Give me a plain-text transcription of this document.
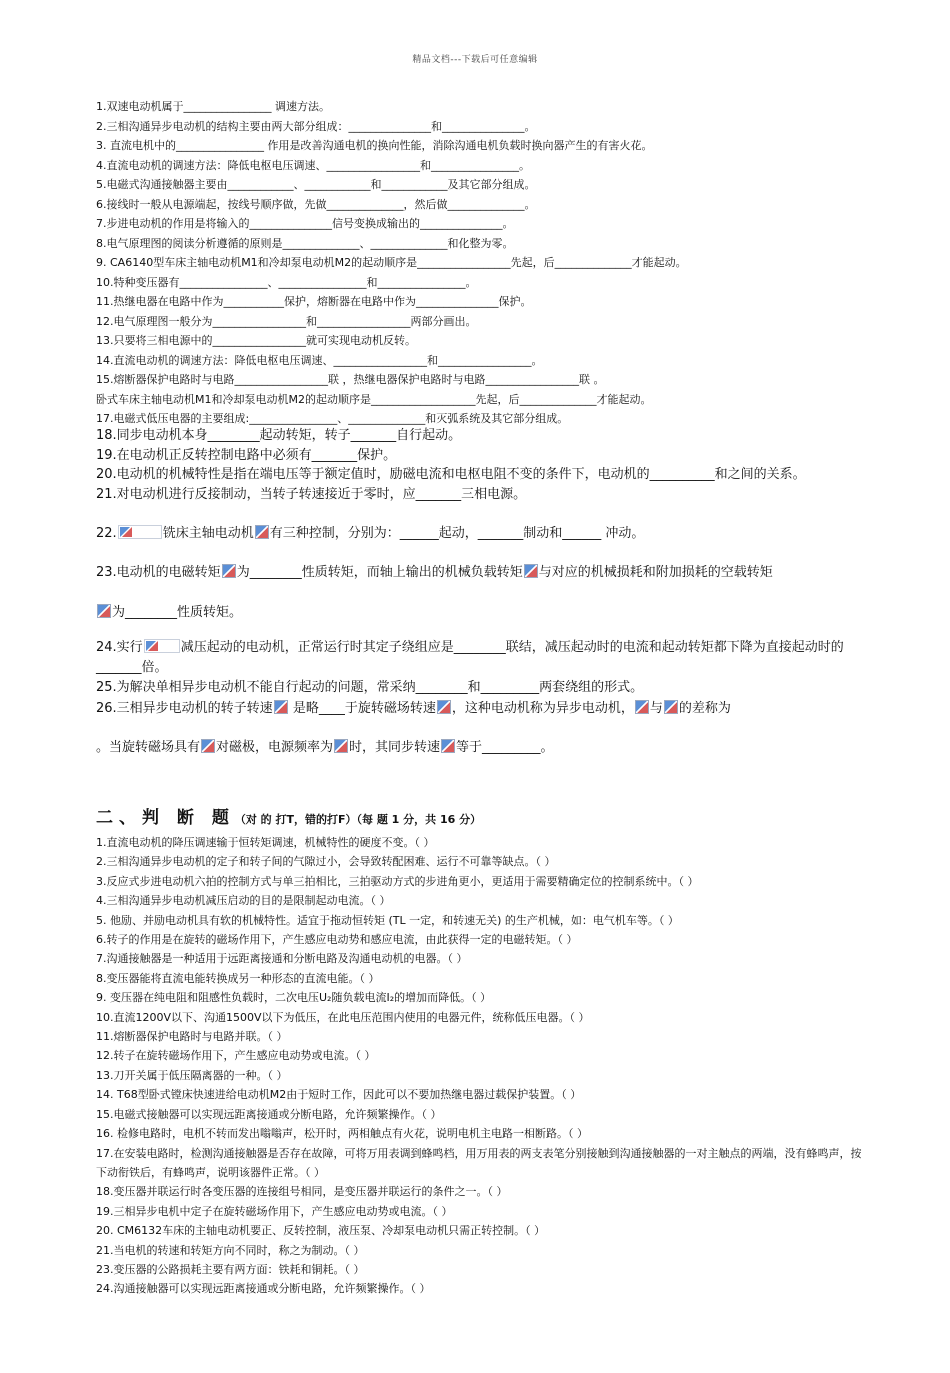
精品文档---下载后可任意编辑
1.双速电动机属于________________ 调速方法。
2.三相沟通异步电动机的结构主要由两大部分组成：_______________和_______________。
3. 直流电机中的________________ 作用是改善沟通电机的换向性能，消除沟通电机负载时换向器产生的有害火花。
4.直流电动机的调速方法：降低电枢电压调速、_________________和________________。
5.电磁式沟通接触器主要由____________、____________和____________及其它部分组成。
6.接线时一般从电源端起，按线号顺序做，先做______________，然后做______________。
7.步进电动机的作用是将输入的_______________信号变换成输出的_______________。
8.电气原理图的阅读分析遵循的原则是______________、______________和化整为零。
9. CA6140型车床主轴电动机M1和冷却泵电动机M2的起动顺序是_________________先起，后______________才能起动。
10.特种变压器有________________、________________和________________。
11.热继电器在电路中作为___________保护，熔断器在电路中作为_______________保护。
12.电气原理图一般分为_________________和_________________两部分画出。
13.只要将三相电源中的_________________就可实现电动机反转。
14.直流电动机的调速方法：降低电枢电压调速、_________________和_________________。
15.熔断器保护电路时与电路_________________联 ，热继电器保护电路时与电路_________________联 。
卧式车床主轴电动机M1和冷却泵电动机M2的起动顺序是___________________先起，后______________才能起动。
17.电磁式低压电器的主要组成:________________、______________和灭弧系统及其它部分组成。
18.同步电动机本身________起动转矩，转子_______自行起动。
19.在电动机正反转控制电路中必须有_______保护。
20.电动机的机械特性是指在端电压等于额定值时，励磁电流和电枢电阻不变的条件下，电动机的__________和之间的关系。
21.对电动机进行反接制动，当转子转速接近于零时，应_______三相电源。
22.	铣床主轴电动机 有三种控制，分别为：______起动，_______制动和______ 冲动。
23.电动机的电磁转矩 为________性质转矩，而轴上输出的机械负载转矩 与对应的机械损耗和附加损耗的空载转矩
为________性质转矩。
24.实行	减压起动的电动机，正常运行时其定子绕组应是________联结，减压起动时的电流和起动转矩都下降为直接起动时的_______倍。
25.为解决单相异步电动机不能自行起动的问题，常采纳________和_________两套绕组的形式。
26.三相异步电动机的转子转速 是略____于旋转磁场转速 ，这种电动机称为异步电动机， 与 的差称为
。当旋转磁场具有 对磁极，电源频率为 时，其同步转速 等于_________。
二、判 断 题（对 的 打T，错的打F）（每 题 1 分，共 16 分）
1.直流电动机的降压调速输于恒转矩调速，机械特性的硬度不变。（ ）
2.三相沟通异步电动机的定子和转子间的气隙过小，会导致转配困难、运行不可靠等缺点。（ ）
3.反应式步进电动机六拍的控制方式与单三拍相比，三拍驱动方式的步进角更小，更适用于需要精确定位的控制系统中。（ ）
4.三相沟通异步电动机减压启动的目的是限制起动电流。（ ）
5. 他励、并励电动机具有软的机械特性。适宜于拖动恒转矩 (TL 一定，和转速无关) 的生产机械，如：电气机车等。（ ）
6.转子的作用是在旋转的磁场作用下，产生感应电动势和感应电流，由此获得一定的电磁转矩。（ ）
7.沟通接触器是一种适用于远距离接通和分断电路及沟通电动机的电器。（ ）
8.变压器能将直流电能转换成另一种形态的直流电能。（ ）
9. 变压器在纯电阻和阻感性负载时，二次电压U₂随负载电流I₂的增加而降低。（ ）
10.直流1200V以下、沟通1500V以下为低压，在此电压范围内使用的电器元件，统称低压电器。（ ）
11.熔断器保护电路时与电路并联。（ ）
12.转子在旋转磁场作用下，产生感应电动势或电流。（ ）
13.刀开关属于低压隔离器的一种。（ ）
14. T68型卧式镗床快速进给电动机M2由于短时工作，因此可以不要加热继电器过载保护装置。（ ）
15.电磁式接触器可以实现远距离接通或分断电路，允许频繁操作。（ ）
16. 检修电路时，电机不转而发出嗡嗡声，松开时，两相触点有火花，说明电机主电路一相断路。（ ）
17.在安装电路时，检测沟通接触器是否存在故障，可将万用表调到蜂鸣档，用万用表的两支表笔分别接触到沟通接触器的一对主触点的两端，没有蜂鸣声，按下动衔铁后，有蜂鸣声，说明该器件正常。（ ）
18.变压器并联运行时各变压器的连接组号相同，是变压器并联运行的条件之一。（ ）
19.三相异步电机中定子在旋转磁场作用下，产生感应电动势或电流。（ ）
20. CM6132车床的主轴电动机要正、反转控制，液压泵、冷却泵电动机只需正转控制。（ ）
21.当电机的转速和转矩方向不同时，称之为制动。（ ）
23.变压器的公路损耗主要有两方面：铁耗和铜耗。（ ）
24.沟通接触器可以实现远距离接通或分断电路，允许频繁操作。（ ）
